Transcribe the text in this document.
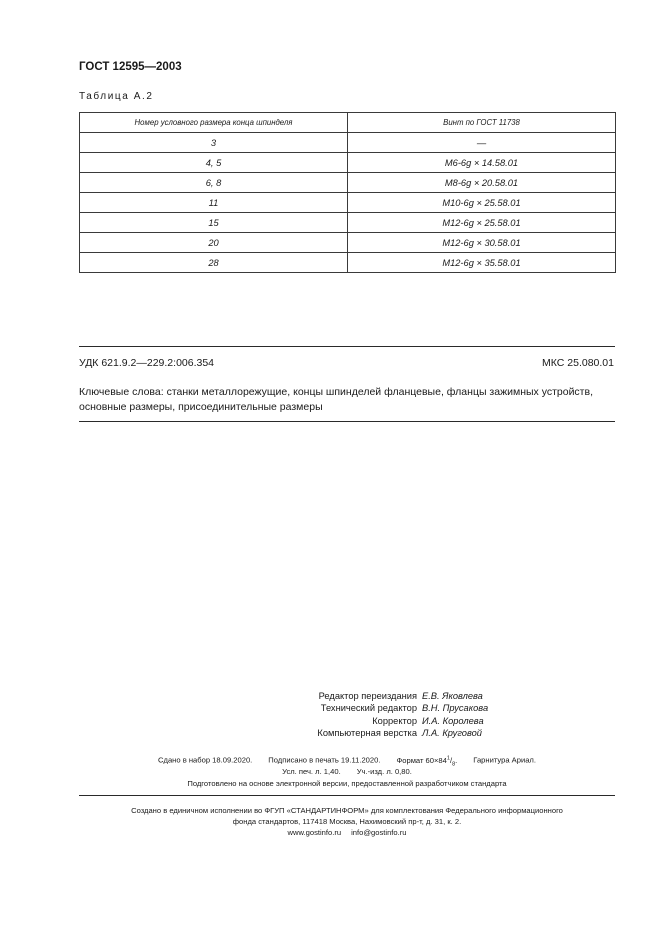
ГОСТ 12595—2003
Таблица А.2
Номер условного размера конца шпинделя	Винт по ГОСТ 11738
3	—
4, 5	M6-6g × 14.58.01
6, 8	M8-6g × 20.58.01
11	M10-6g × 25.58.01
15	M12-6g × 25.58.01
20	M12-6g × 30.58.01
28	M12-6g × 35.58.01
УДК 621.9.2—229.2:006.354	МКС 25.080.01
Ключевые слова: станки металлорежущие, концы шпинделей фланцевые, фланцы зажимных устройств, основные размеры, присоединительные размеры
Редактор переиздания Е.В. Яковлева
Технический редактор В.Н. Прусакова
Корректор И.А. Королева
Компьютерная верстка Л.А. Круговой
Сдано в набор 18.09.2020. Подписано в печать 19.11.2020. Формат $60\times 84^1/_8$. Гарнитура Ариал.
Усл. печ. л. 1,40. Уч.-изд. л. 0,80.
Подготовлено на основе электронной версии, предоставленной разработчиком стандарта
Создано в единичном исполнении во ФГУП «СТАНДАРТИНФОРМ» для комплектования Федерального информационного
фонда стандартов, 117418 Москва, Нахимовский пр-т, д. 31, к. 2.
www.gostinfo.ru info@gostinfo.ru
